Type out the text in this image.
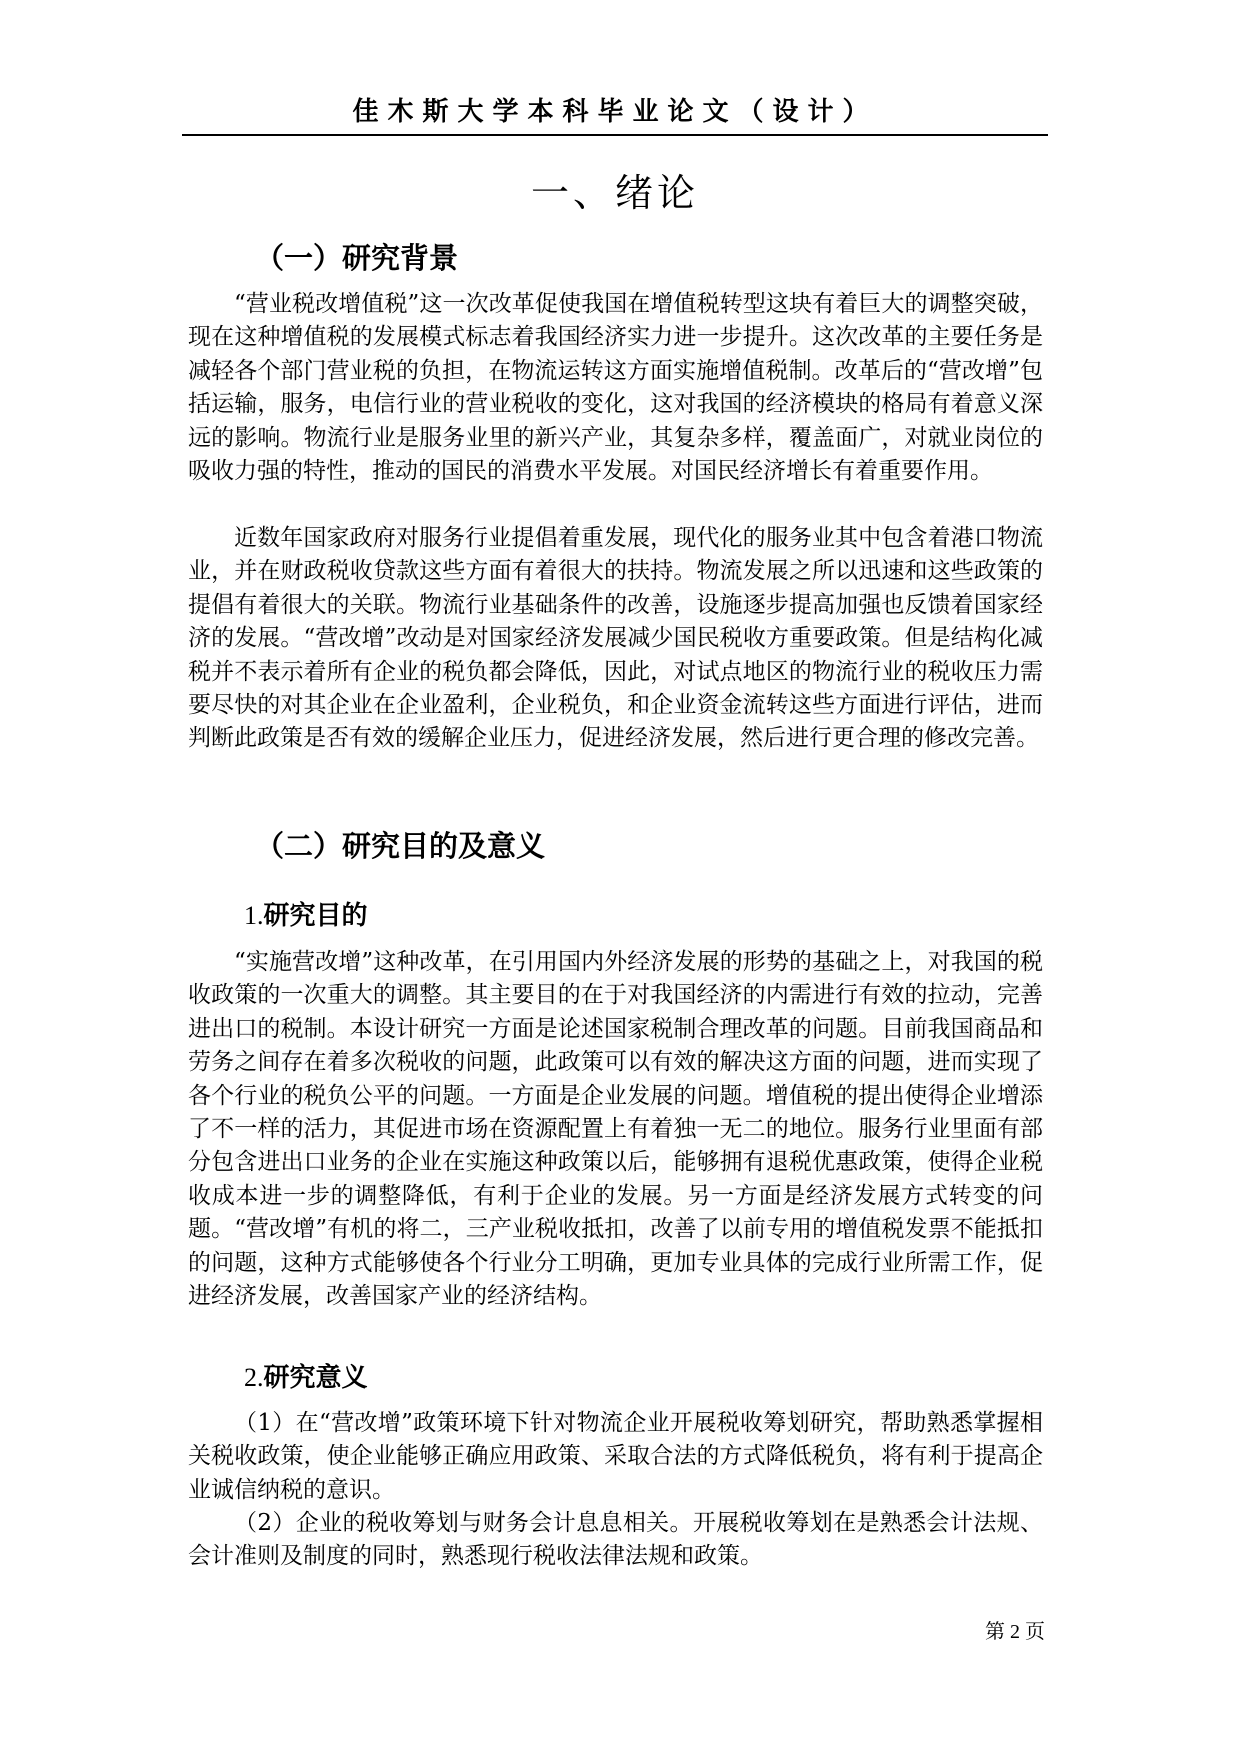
佳木斯大学本科毕业论文（设计）
一、绪论
（一）研究背景

“营业税改增值税”这一次改革促使我国在增值税转型这块有着巨大的调整突破，现在这种增值税的发展模式标志着我国经济实力进一步提升。这次改革的主要任务是减轻各个部门营业税的负担，在物流运转这方面实施增值税制。改革后的“营改增”包括运输，服务，电信行业的营业税收的变化，这对我国的经济模块的格局有着意义深远的影响。物流行业是服务业里的新兴产业，其复杂多样，覆盖面广，对就业岗位的吸收力强的特性，推动的国民的消费水平发展。对国民经济增长有着重要作用。

近数年国家政府对服务行业提倡着重发展，现代化的服务业其中包含着港口物流业，并在财政税收贷款这些方面有着很大的扶持。物流发展之所以迅速和这些政策的提倡有着很大的关联。物流行业基础条件的改善，设施逐步提高加强也反馈着国家经济的发展。“营改增”改动是对国家经济发展减少国民税收方重要政策。但是结构化减税并不表示着所有企业的税负都会降低，因此，对试点地区的物流行业的税收压力需要尽快的对其企业在企业盈利，企业税负，和企业资金流转这些方面进行评估，进而判断此政策是否有效的缓解企业压力，促进经济发展，然后进行更合理的修改完善。

（二）研究目的及意义
1.研究目的

“实施营改增”这种改革，在引用国内外经济发展的形势的基础之上，对我国的税收政策的一次重大的调整。其主要目的在于对我国经济的内需进行有效的拉动，完善进出口的税制。本设计研究一方面是论述国家税制合理改革的问题。目前我国商品和劳务之间存在着多次税收的问题，此政策可以有效的解决这方面的问题，进而实现了各个行业的税负公平的问题。一方面是企业发展的问题。增值税的提出使得企业增添了不一样的活力，其促进市场在资源配置上有着独一无二的地位。服务行业里面有部分包含进出口业务的企业在实施这种政策以后，能够拥有退税优惠政策，使得企业税收成本进一步的调整降低，有利于企业的发展。另一方面是经济发展方式转变的问题。“营改增”有机的将二，三产业税收抵扣，改善了以前专用的增值税发票不能抵扣的问题，这种方式能够使各个行业分工明确，更加专业具体的完成行业所需工作，促进经济发展，改善国家产业的经济结构。

2.研究意义

（1）在“营改增”政策环境下针对物流企业开展税收筹划研究，帮助熟悉掌握相关税收政策，使企业能够正确应用政策、采取合法的方式降低税负，将有利于提高企业诚信纳税的意识。

（2）企业的税收筹划与财务会计息息相关。开展税收筹划在是熟悉会计法规、会计准则及制度的同时，熟悉现行税收法律法规和政策。

第 2 页
